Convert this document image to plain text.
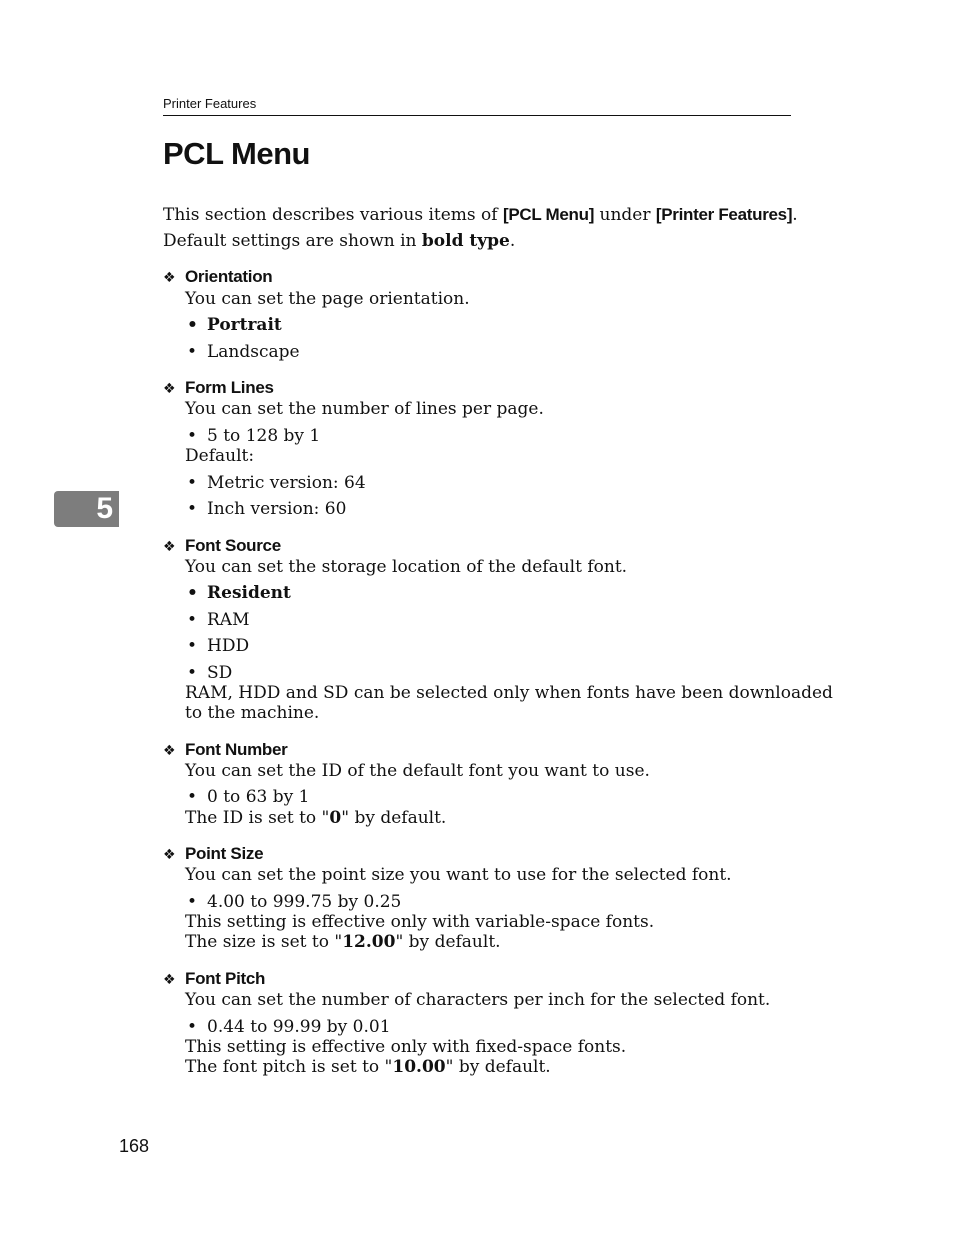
Printer Features
PCL Menu
This section describes various items of [PCL Menu] under [Printer Features].
Default settings are shown in bold type.
❖ Orientation
You can set the page orientation.
• Portrait
• Landscape
❖ Form Lines
You can set the number of lines per page.
• 5 to 128 by 1
Default:
• Metric version: 64
• Inch version: 60
5
❖ Font Source
You can set the storage location of the default font.
• Resident
• RAM
• HDD
• SD
RAM, HDD and SD can be selected only when fonts have been downloaded
to the machine.
❖ Font Number
You can set the ID of the default font you want to use.
• 0 to 63 by 1
The ID is set to "0" by default.
❖ Point Size
You can set the point size you want to use for the selected font.
• 4.00 to 999.75 by 0.25
This setting is effective only with variable-space fonts.
The size is set to "12.00" by default.
❖ Font Pitch
You can set the number of characters per inch for the selected font.
• 0.44 to 99.99 by 0.01
This setting is effective only with fixed-space fonts.
The font pitch is set to "10.00" by default.
168
